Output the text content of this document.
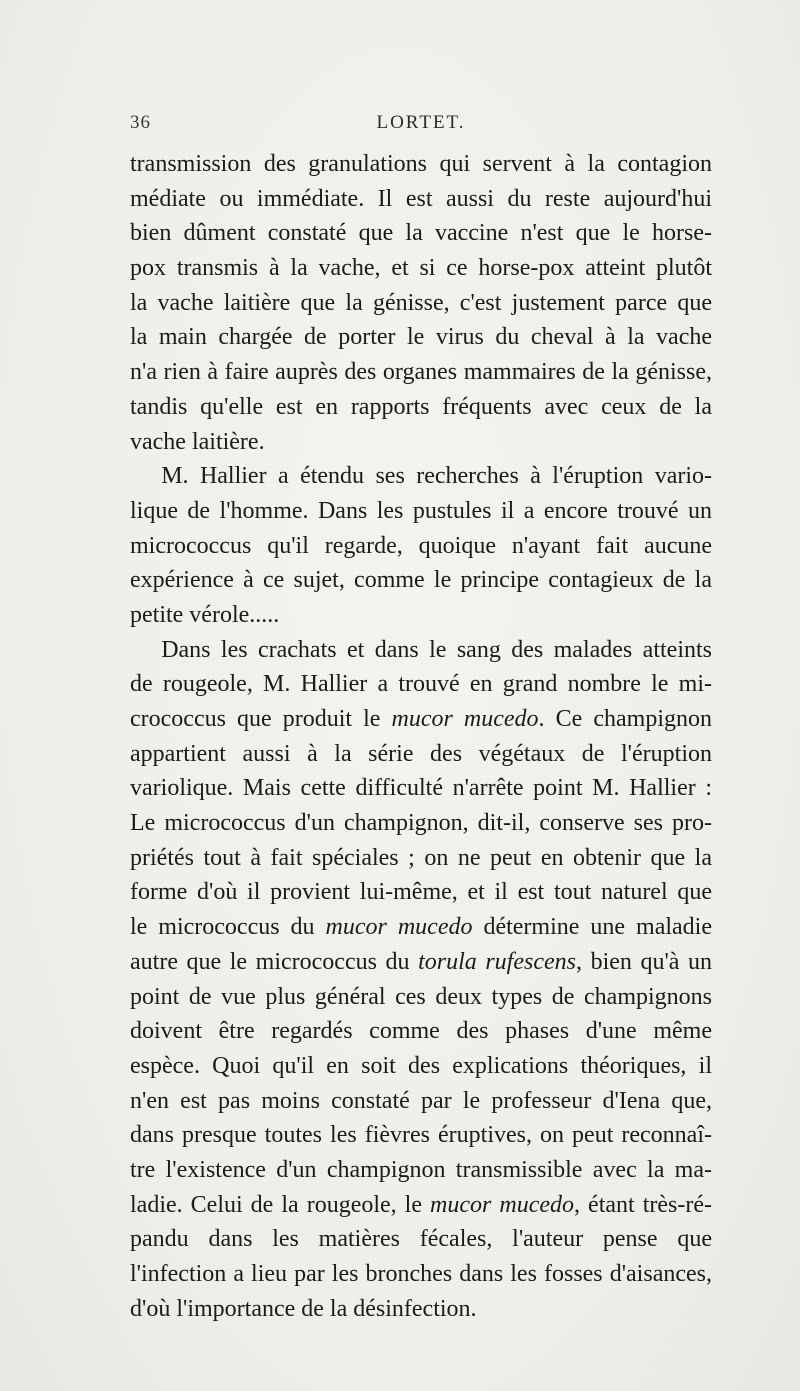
36	LORTET.
transmission des granulations qui servent à la contagion
médiate ou immédiate. Il est aussi du reste aujourd'hui
bien dûment constaté que la vaccine n'est que le horse-
pox transmis à la vache, et si ce horse-pox atteint plutôt
la vache laitière que la génisse, c'est justement parce que
la main chargée de porter le virus du cheval à la vache
n'a rien à faire auprès des organes mammaires de la génisse,
tandis qu'elle est en rapports fréquents avec ceux de la
vache laitière.
M. Hallier a étendu ses recherches à l'éruption vario-
lique de l'homme. Dans les pustules il a encore trouvé un
micrococcus qu'il regarde, quoique n'ayant fait aucune
expérience à ce sujet, comme le principe contagieux de la
petite vérole.....
Dans les crachats et dans le sang des malades atteints
de rougeole, M. Hallier a trouvé en grand nombre le mi-
crococcus que produit le mucor mucedo. Ce champignon
appartient aussi à la série des végétaux de l'éruption
variolique. Mais cette difficulté n'arrête point M. Hallier :
Le micrococcus d'un champignon, dit-il, conserve ses pro-
priétés tout à fait spéciales ; on ne peut en obtenir que la
forme d'où il provient lui-même, et il est tout naturel que
le micrococcus du mucor mucedo détermine une maladie
autre que le micrococcus du torula rufescens, bien qu'à un
point de vue plus général ces deux types de champignons
doivent être regardés comme des phases d'une même
espèce. Quoi qu'il en soit des explications théoriques, il
n'en est pas moins constaté par le professeur d'Iena que,
dans presque toutes les fièvres éruptives, on peut reconnaî-
tre l'existence d'un champignon transmissible avec la ma-
ladie. Celui de la rougeole, le mucor mucedo, étant très-ré-
pandu dans les matières fécales, l'auteur pense que
l'infection a lieu par les bronches dans les fosses d'aisances,
d'où l'importance de la désinfection.
